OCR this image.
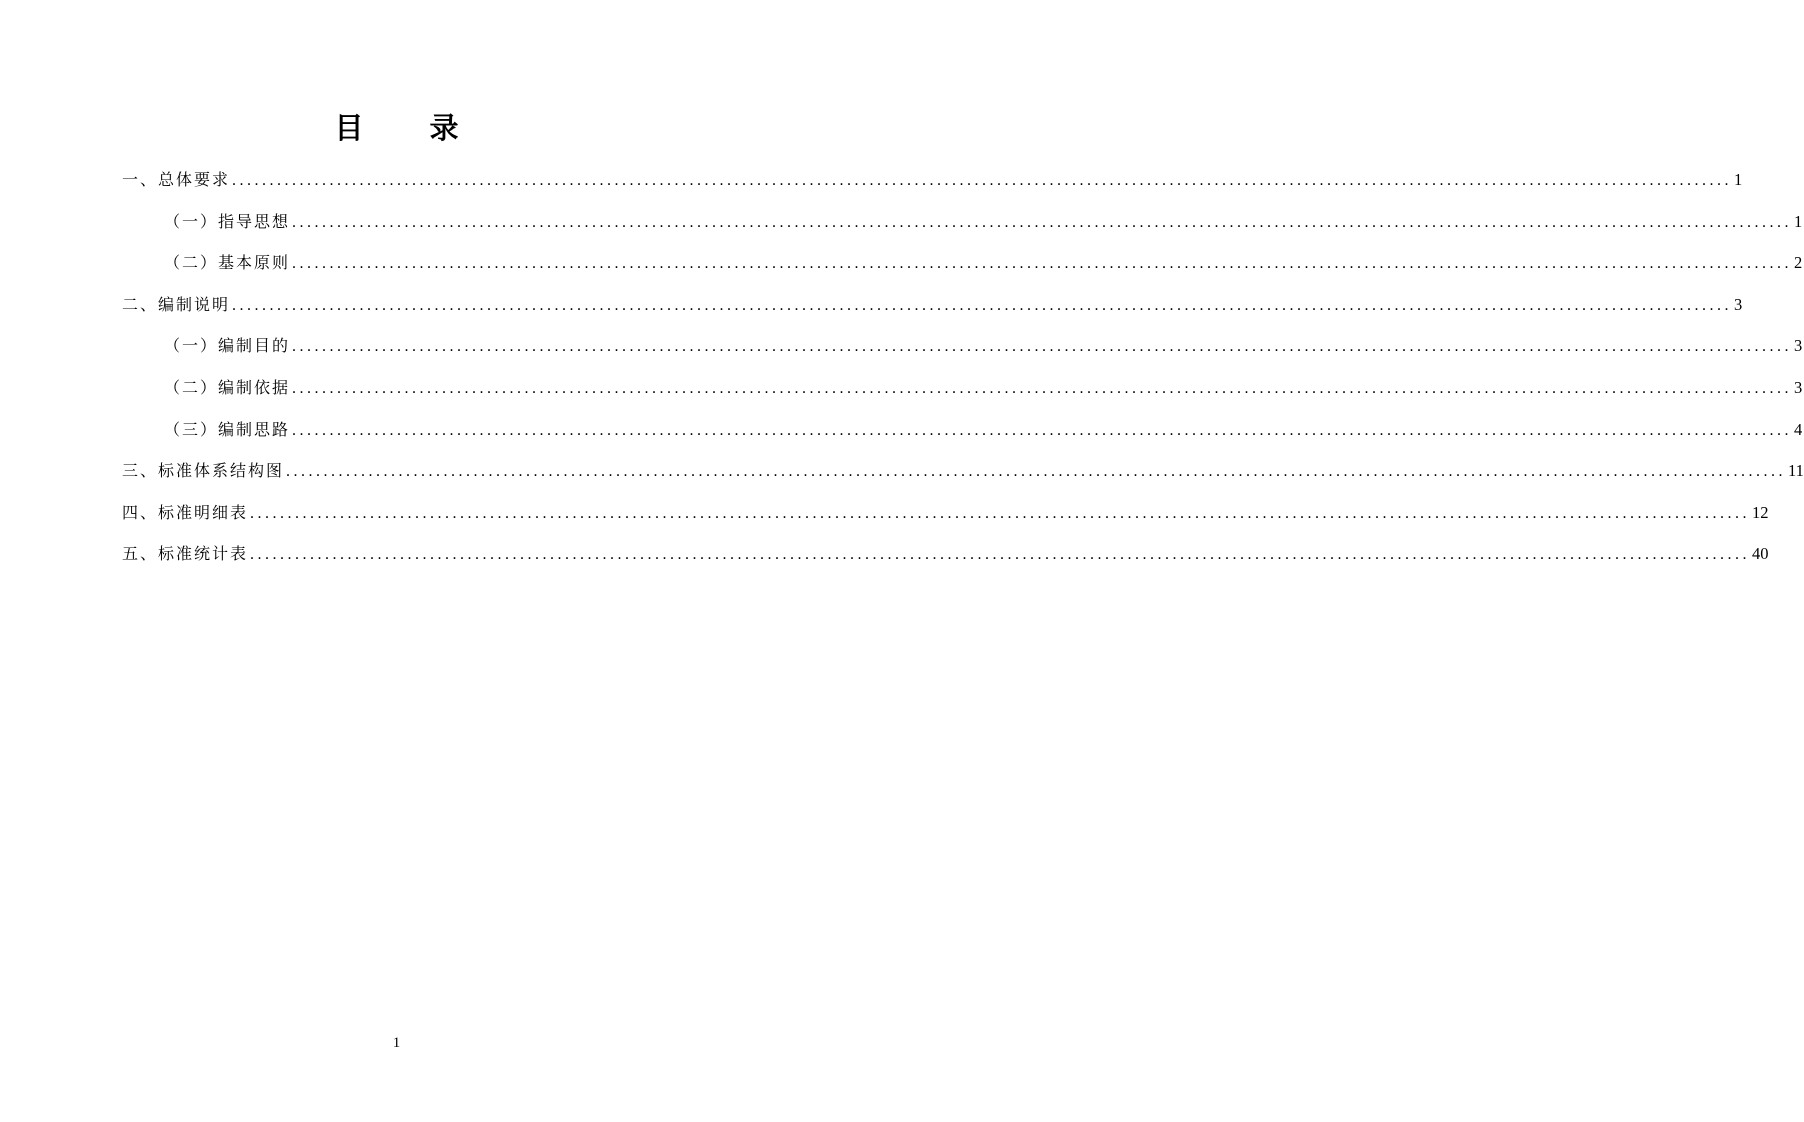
目 录
一、总体要求 ........................................................................................................................................................................................................ 1
（一）指导思想 ........................................................................................................................................................................................................ 1
（二）基本原则 ........................................................................................................................................................................................................ 2
二、编制说明 ........................................................................................................................................................................................................ 3
（一）编制目的 ........................................................................................................................................................................................................ 3
（二）编制依据 ........................................................................................................................................................................................................ 3
（三）编制思路 ........................................................................................................................................................................................................ 4
三、标准体系结构图 ........................................................................................................................................................................................................ 11
四、标准明细表 ........................................................................................................................................................................................................ 12
五、标准统计表 ........................................................................................................................................................................................................ 40
1
